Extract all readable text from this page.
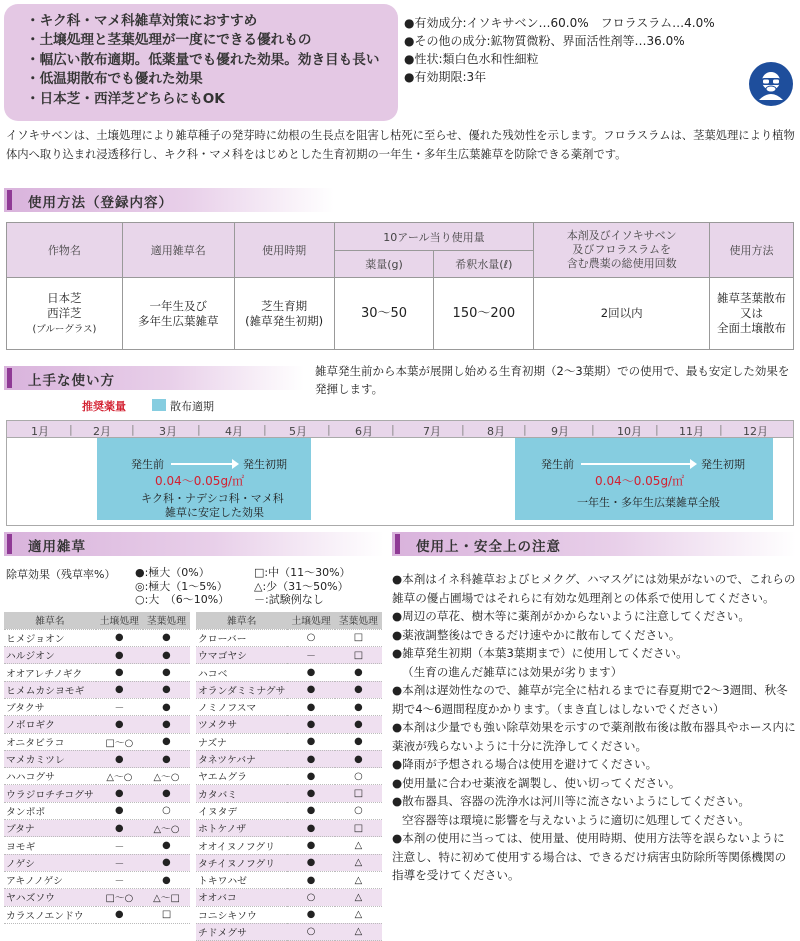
・キク科・マメ科雑草対策におすすめ
・土壌処理と茎葉処理が一度にできる優れもの
・幅広い散布適期。低薬量でも優れた効果。効き目も長い
・低温期散布でも優れた効果
・日本芝・西洋芝どちらにもOK
●有効成分:イソキサベン…60.0%　フロラスラム…4.0%
●その他の成分:鉱物質微粉、界面活性剤等…36.0%
●性状:類白色水和性細粒
●有効期限:3年
イソキサベンは、土壌処理により雑草種子の発芽時に幼根の生長点を阻害し枯死に至らせ、優れた残効性を示します。フロラスラムは、茎葉処理により植物体内へ取り込まれ浸透移行し、キク科・マメ科をはじめとした生育初期の一年生・多年生広葉雑草を防除できる薬剤です。
使用方法（登録内容）
作物名	適用雑草名	使用時期	10アール当り使用量		本剤及びイソキサベン
及びフロラスラムを
含む農薬の総使用回数	使用方法
			薬量(g)	希釈水量(ℓ)		
日本芝
西洋芝
(ブルーグラス)	一年生及び
多年生広葉雑草	芝生育期
(雑草発生初期)	30～50	150～200	2回以内	雑草茎葉散布
又は
全面土壌散布
上手な使い方
雑草発生前から本葉が展開し始める生育初期（2～3葉期）での使用で、最も安定した効果を発揮します。
推奨薬量	散布適期
1月 | 2月 | 3月 | 4月 | 5月 | 6月 |	7月 | 8月 | 9月 | 10月 | 11月 | 12月
発生前	発生初期
0.04～0.05g/㎡
キク科・ナデシコ科・マメ科
雑草に安定した効果
発生前	発生初期
0.04～0.05g/㎡
一年生・多年生広葉雑草全般
適用雑草	使用上・安全上の注意
除草効果（残草率%） ●:極大（0%）
◎:極大（1～5%）
○:大　（6～10%）
□:中（11～30%）
△:少（31～50%）
－:試験例なし
雑草名	土壌処理	茎葉処理
ヒメジョオン	●	●
ハルジオン	●	●
オオアレチノギク	●	●
ヒメムカシヨモギ	●	●
ブタクサ	－	●
ノボロギク	●	●
オニタビラコ	□～○	●
マメカミツレ	●	●
ハハコグサ	△～○	△～○
ウラジロチチコグサ	●	●
タンポポ	●	○
ブタナ	●	△～○
ヨモギ	－	●
ノゲシ	－	●
アキノノゲシ	－	●
ヤハズソウ	□～○	△～□
カラスノエンドウ	●	□
雑草名	土壌処理	茎葉処理
クローバー	○	□
ウマゴヤシ	－	□
ハコベ	●	●
オランダミミナグサ	●	●
ノミノフスマ	●	●
ツメクサ	●	●
ナズナ	●	●
タネツケバナ	●	●
ヤエムグラ	●	○
カタバミ	●	□
イヌタデ	●	○
ホトケノザ	●	□
オオイヌノフグリ	●	△
タチイヌノフグリ	●	△
トキワハゼ	●	△
オオバコ	○	△
コニシキソウ	●	△
チドメグサ	○	△
●本剤はイネ科雑草およびヒメクグ、ハマスゲには効果がないので、これらの雑草の優占圃場ではそれらに有効な処理剤との体系で使用してください。
●周辺の草花、樹木等に薬剤がかからないように注意してください。
●薬液調整後はできるだけ速やかに散布してください。
●雑草発生初期（本葉3葉期まで）に使用してください。
（生育の進んだ雑草には効果が劣ります）
●本剤は遅効性なので、雑草が完全に枯れるまでに春夏期で2～3週間、秋冬期で4～6週間程度かかります。（まき直しはしないでください）
●本剤は少量でも強い除草効果を示すので薬剤散布後は散布器具やホース内に薬液が残らないように十分に洗浄してください。
●降雨が予想される場合は使用を避けてください。
●使用量に合わせ薬液を調製し、使い切ってください。
●散布器具、容器の洗浄水は河川等に流さないようにしてください。
空容器等は環境に影響を与えないように適切に処理してください。
●本剤の使用に当っては、使用量、使用時期、使用方法等を誤らないように注意し、特に初めて使用する場合は、できるだけ病害虫防除所等関係機関の指導を受けてください。
